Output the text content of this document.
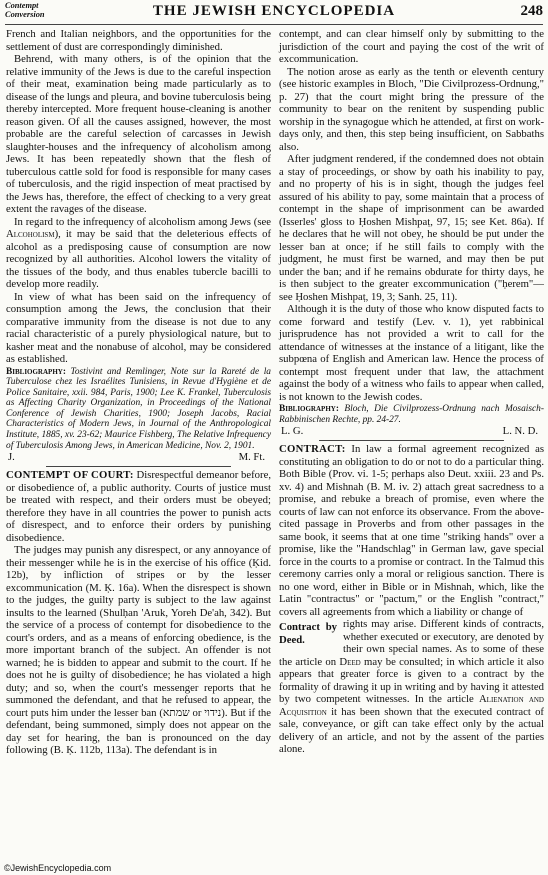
Contempt
Conversion	THE JEWISH ENCYCLOPEDIA	248

French and Italian neighbors, and the opportunities for the settlement of dust are correspondingly diminished.

Behrend, with many others, is of the opinion that the relative immunity of the Jews is due to the careful inspection of their meat, examination being made particularly as to disease of the lungs and pleura, and bovine tuberculosis being thereby intercepted. More frequent house-cleaning is another reason given. Of all the causes assigned, however, the most probable are the careful selection of carcasses in Jewish slaughter-houses and the infrequency of alcoholism among Jews. It has been repeatedly shown that the flesh of tuberculous cattle sold for food is responsible for many cases of tuberculosis, and the rigid inspection of meat practised by the Jews has, therefore, the effect of checking to a very great extent the ravages of the disease.

In regard to the infrequency of alcoholism among Jews (see Alcoholism), it may be said that the deleterious effects of alcohol as a predisposing cause of consumption are now recognized by all authorities. Alcohol lowers the vitality of the tissues of the body, and thus enables tubercle bacilli to develop more readily.

In view of what has been said on the infrequency of consumption among the Jews, the conclusion that their comparative immunity from the disease is not due to any racial characteristic of a purely physiological nature, but to kasher meat and the nonabuse of alcohol, may be considered as established.

Bibliography: Tostivint and Remlinger, Note sur la Rareté de la Tuberculose chez les Israélites Tunisiens, in Revue d'Hygiène et de Police Sanitaire, xxii. 984, Paris, 1900; Lee K. Frankel, Tuberculosis as Affecting Charity Organization, in Proceedings of the National Conference of Jewish Charities, 1900; Joseph Jacobs, Racial Characteristics of Modern Jews, in Journal of the Anthropological Institute, 1885, xv. 23-62; Maurice Fishberg, The Relative Infrequency of Tuberculosis Among Jews, in American Medicine, Nov. 2, 1901.

J.	M. Ft.

CONTEMPT OF COURT: Disrespectful demeanor before, or disobedience of, a public authority. Courts of justice must be treated with respect, and their orders must be obeyed; therefore they have in all countries the power to punish acts of disrespect, and to enforce their orders by punishing disobedience.

The judges may punish any disrespect, or any annoyance of their messenger while he is in the exercise of his office (Ḳid. 12b), by infliction of stripes or by the lesser excommunication (M. Ḳ. 16a). When the disrespect is shown to the judges, the guilty party is subject to the law against insults to the learned (Shulḥan 'Aruk, Yoreh De'ah, 342). But the service of a process of contempt for disobedience to the court's orders, and as a means of enforcing obedience, is the more important branch of the subject. An offender is not warned; he is bidden to appear and submit to the court. If he does not he is guilty of disobedience; he has violated a high duty; and so, when the court's messenger reports that he summoned the defendant, and that he refused to appear, the court puts him under the lesser ban (שמתא or נידוי). But if the defendant, being summoned, simply does not appear on the day set for hearing, the ban is pronounced on the day following (B. Ḳ. 112b, 113a). The defendant is in

contempt, and can clear himself only by submitting to the jurisdiction of the court and paying the cost of the writ of excommunication.

The notion arose as early as the tenth or eleventh century (see historic examples in Bloch, "Die Civilprozess-Ordnung," p. 27) that the court might bring the pressure of the community to bear on the renitent by suspending public worship in the synagogue which he attended, at first on work-days only, and then, this step being insufficient, on Sabbaths also.

After judgment rendered, if the condemned does not obtain a stay of proceedings, or show by oath his inability to pay, and no property of his is in sight, though the judges feel assured of his ability to pay, some maintain that a process of contempt in the shape of imprisonment can be awarded (Isserles' gloss to Ḥoshen Mishpaṭ, 97, 15; see Ket. 86a). If he declares that he will not obey, he should be put under the lesser ban at once; if he still fails to comply with the judgment, he must first be warned, and may then be put under the ban; and if he remains obdurate for thirty days, he is then subject to the greater excommunication ("ḥerem"—see Ḥoshen Mishpaṭ, 19, 3; Sanh. 25, 11).

Although it is the duty of those who know disputed facts to come forward and testify (Lev. v. 1), yet rabbinical jurisprudence has not provided a writ to call for the attendance of witnesses at the instance of a litigant, like the subpœna of English and American law. Hence the process of contempt most frequent under that law, the attachment against the body of a witness who fails to appear when called, is not known to the Jewish codes.

Bibliography: Bloch, Die Civilprozess-Ordnung nach Mosaisch-Rabbinischen Rechte, pp. 24-27.

L. G.	L. N. D.

CONTRACT: In law a formal agreement recognized as constituting an obligation to do or not to do a particular thing. Both Bible (Prov. vi. 1-5; perhaps also Deut. xxiii. 23 and Ps. xv. 4) and Mishnah (B. M. iv. 2) attach great sacredness to a promise, and rebuke a breach of promise, even where the courts of law can not enforce its observance. From the above-cited passage in Proverbs and from other passages in the same book, it seems that at one time "striking hands" over a promise, like the "Handschlag" in German law, gave special force in the courts to a promise or contract. In the Talmud this ceremony carries only a moral or religious sanction. There is no one word, either in Bible or in Mishnah, which, like the Latin "contractus" or "pactum," or the English "contract," covers all agreements from which a liability or change of

Contract by Deed.
rights may arise. Different kinds of contracts, whether executed or executory, are denoted by their own special names. As to some of these the article on Deed may be consulted; in which article it also appears that greater force is given to a contract by the formality of drawing it up in writing and by having it attested by two competent witnesses. In the article Alienation and Acquisition it has been shown that the executed contract of sale, conveyance, or gift can take effect only by the actual delivery of an article, and not by the assent of the parties alone.

©JewishEncyclopedia.com
